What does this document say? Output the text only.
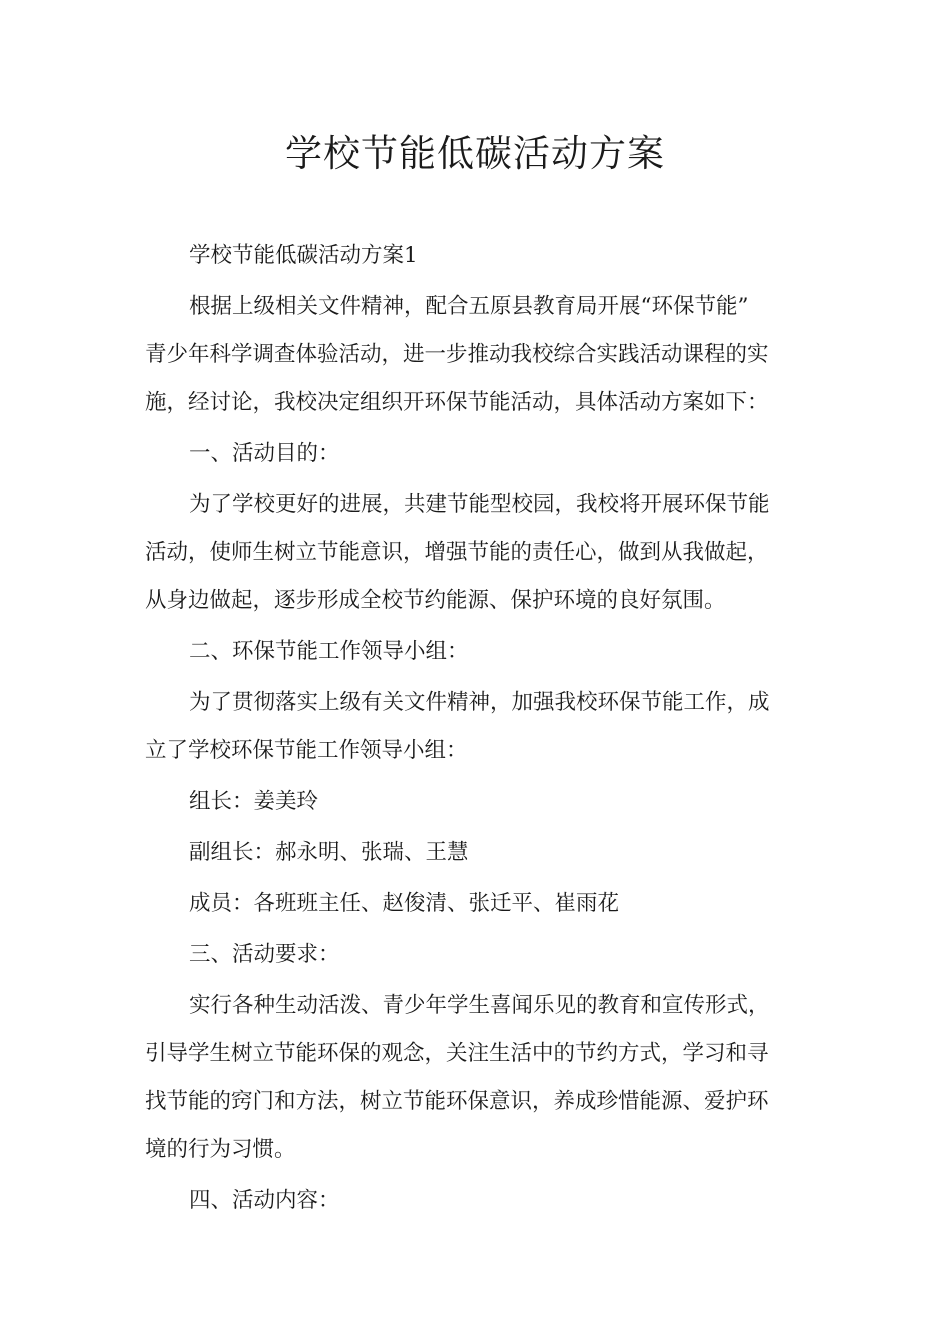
学校节能低碳活动方案

学校节能低碳活动方案1

根据上级相关文件精神，配合五原县教育局开展“环保节能”
青少年科学调查体验活动，进一步推动我校综合实践活动课程的实
施，经讨论，我校决定组织开环保节能活动，具体活动方案如下：

一、活动目的：

为了学校更好的进展，共建节能型校园，我校将开展环保节能
活动，使师生树立节能意识，增强节能的责任心，做到从我做起，
从身边做起，逐步形成全校节约能源、保护环境的良好氛围。

二、环保节能工作领导小组：

为了贯彻落实上级有关文件精神，加强我校环保节能工作，成
立了学校环保节能工作领导小组：

组长：姜美玲

副组长：郝永明、张瑞、王慧

成员：各班班主任、赵俊清、张迁平、崔雨花

三、活动要求：

实行各种生动活泼、青少年学生喜闻乐见的教育和宣传形式，
引导学生树立节能环保的观念，关注生活中的节约方式，学习和寻
找节能的窍门和方法，树立节能环保意识，养成珍惜能源、爱护环
境的行为习惯。

四、活动内容：
